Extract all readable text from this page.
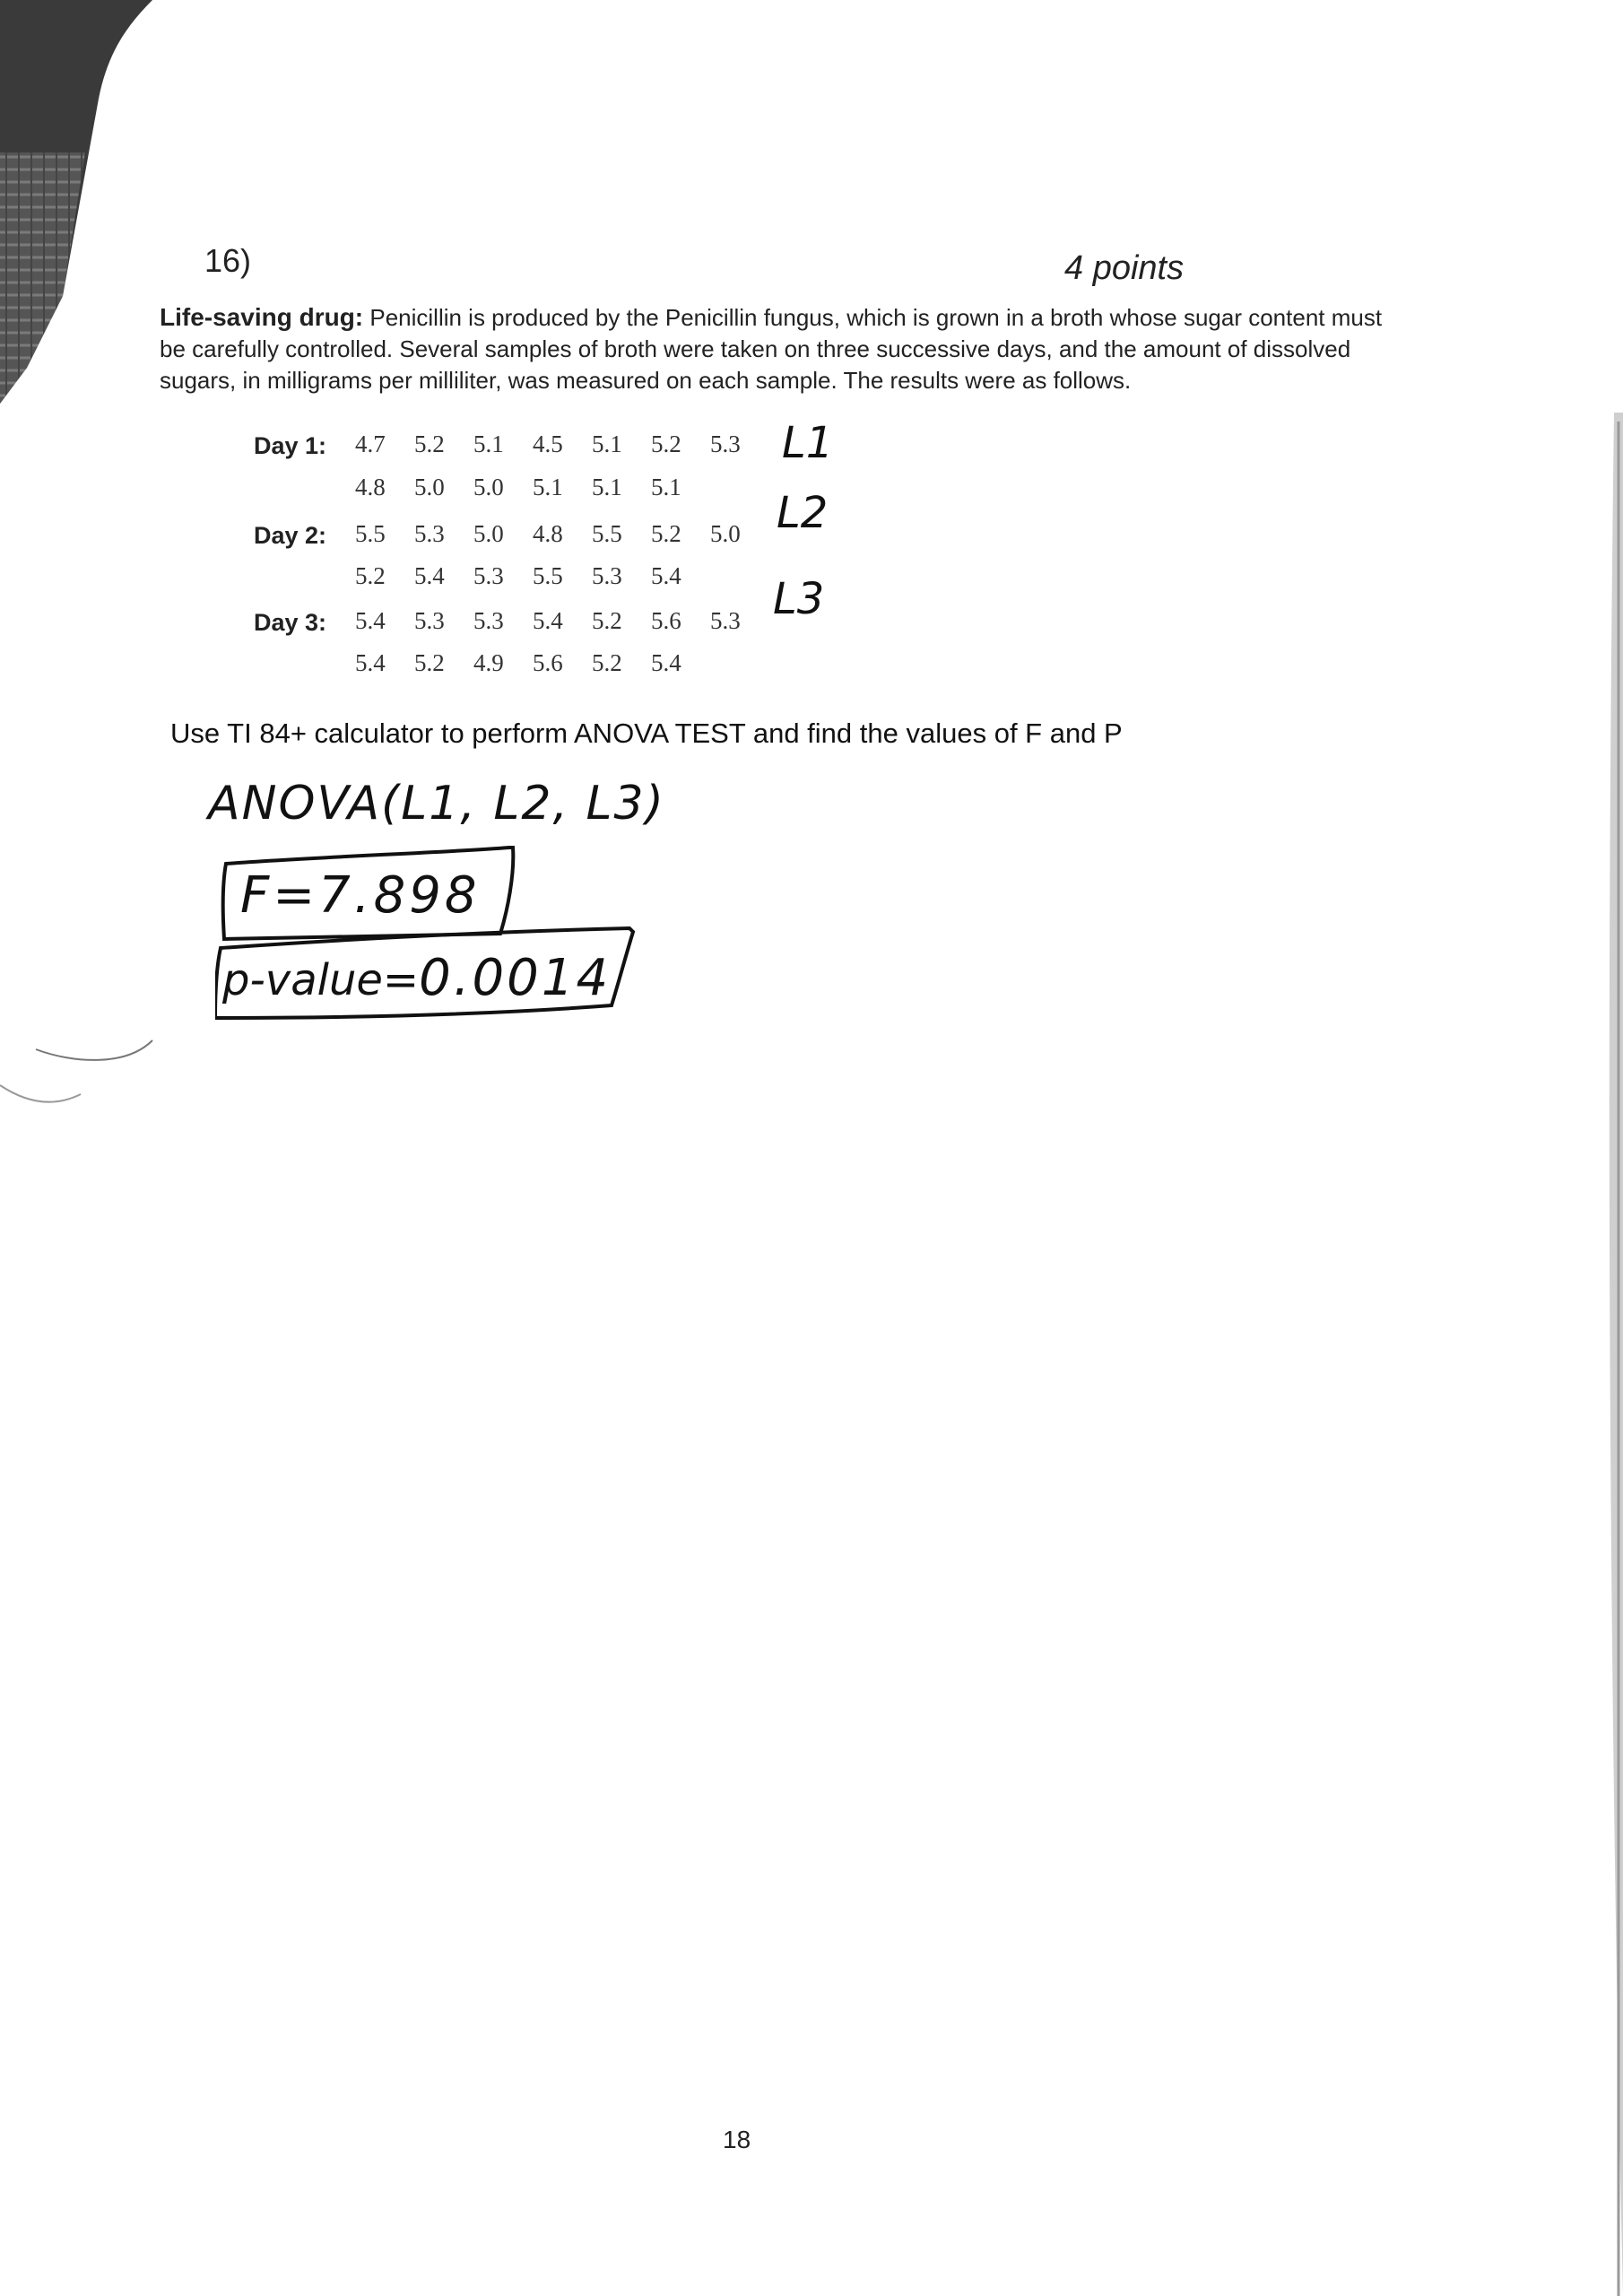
16)	4 points
Life-saving drug: Penicillin is produced by the Penicillin fungus, which is grown in a broth whose sugar content must be carefully controlled. Several samples of broth were taken on three successive days, and the amount of dissolved sugars, in milligrams per milliliter, was measured on each sample. The results were as follows.
Day 1: 4.7	5.2	5.1	4.5	5.1	5.2	5.3
4.8	5.0	5.0	5.1	5.1	5.1
Day 2: 5.5	5.3	5.0	4.8	5.5	5.2	5.0
5.2	5.4	5.3	5.5	5.3	5.4
Day 3: 5.4	5.3	5.3	5.4	5.2	5.6	5.3
5.4	5.2	4.9	5.6	5.2	5.4
L1
L2
L3
Use TI 84+ calculator to perform ANOVA TEST and find the values of F and P
ANOVA(L1, L2, L3)
F=7.898
p-value=0.0014
18
